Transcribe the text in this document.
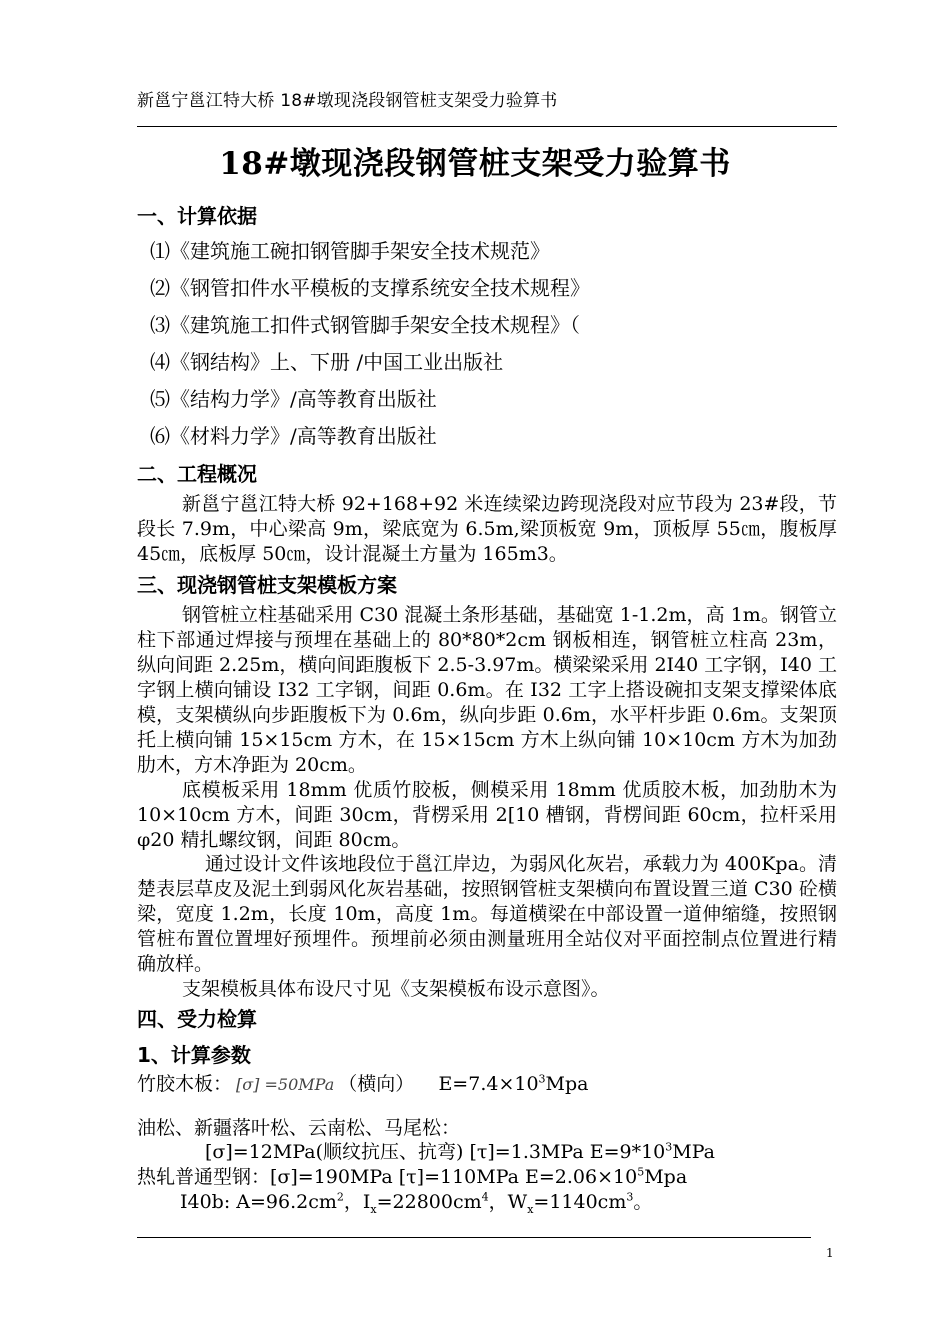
新邕宁邕江特大桥 18#墩现浇段钢管桩支架受力验算书
18#墩现浇段钢管桩支架受力验算书
一、计算依据
⑴《建筑施工碗扣钢管脚手架安全技术规范》
⑵《钢管扣件水平模板的支撑系统安全技术规程》
⑶《建筑施工扣件式钢管脚手架安全技术规程》（
⑷《钢结构》上、下册 /中国工业出版社
⑸《结构力学》/高等教育出版社
⑹《材料力学》/高等教育出版社
二、工程概况

新邕宁邕江特大桥 92+168+92 米连续梁边跨现浇段对应节段为 23#段，节段长 7.9m，中心梁高 9m，梁底宽为 6.5m,梁顶板宽 9m，顶板厚 55㎝，腹板厚 45㎝，底板厚 50㎝，设计混凝土方量为 165m3。

三、现浇钢管桩支架模板方案

钢管桩立柱基础采用 C30 混凝土条形基础，基础宽 1-1.2m，高 1m。钢管立柱下部通过焊接与预埋在基础上的 80*80*2cm 钢板相连，钢管桩立柱高 23m，纵向间距 2.25m，横向间距腹板下 2.5-3.97m。横梁梁采用 2I40 工字钢，I40 工字钢上横向铺设 I32 工字钢，间距 0.6m。在 I32 工字上搭设碗扣支架支撑梁体底模，支架横纵向步距腹板下为 0.6m，纵向步距 0.6m，水平杆步距 0.6m。支架顶托上横向铺 15×15cm 方木，在 15×15cm 方木上纵向铺 10×10cm 方木为加劲肋木，方木净距为 20cm。

底模板采用 18mm 优质竹胶板，侧模采用 18mm 优质胶木板，加劲肋木为 10×10cm 方木，间距 30cm，背楞采用 2[10 槽钢，背楞间距 60cm，拉杆采用 φ20 精扎螺纹钢，间距 80cm。

通过设计文件该地段位于邕江岸边，为弱风化灰岩，承载力为 400Kpa。清楚表层草皮及泥土到弱风化灰岩基础，按照钢管桩支架横向布置设置三道 C30 砼横梁，宽度 1.2m，长度 10m，高度 1m。每道横梁在中部设置一道伸缩缝，按照钢管桩布置位置埋好预埋件。预埋前必须由测量班用全站仪对平面控制点位置进行精确放样。

支架模板具体布设尺寸见《支架模板布设示意图》。

四、受力检算
1、计算参数
竹胶木板： [σ] =50MPa （横向） $E=7.4\times 10^3Mpa$
油松、新疆落叶松、云南松、马尾松：
[σ]=12MPa(顺纹抗压、抗弯) [τ]=1.3MPa $E=9*10^3MPa$
热轧普通型钢：[σ]=190MPa [τ]=110MPa $E=2.06\times 10^5Mpa$
I40b: $A=96.2cm^2$，$I_x=22800cm^4$，$W_x=1140cm^3$。
1
